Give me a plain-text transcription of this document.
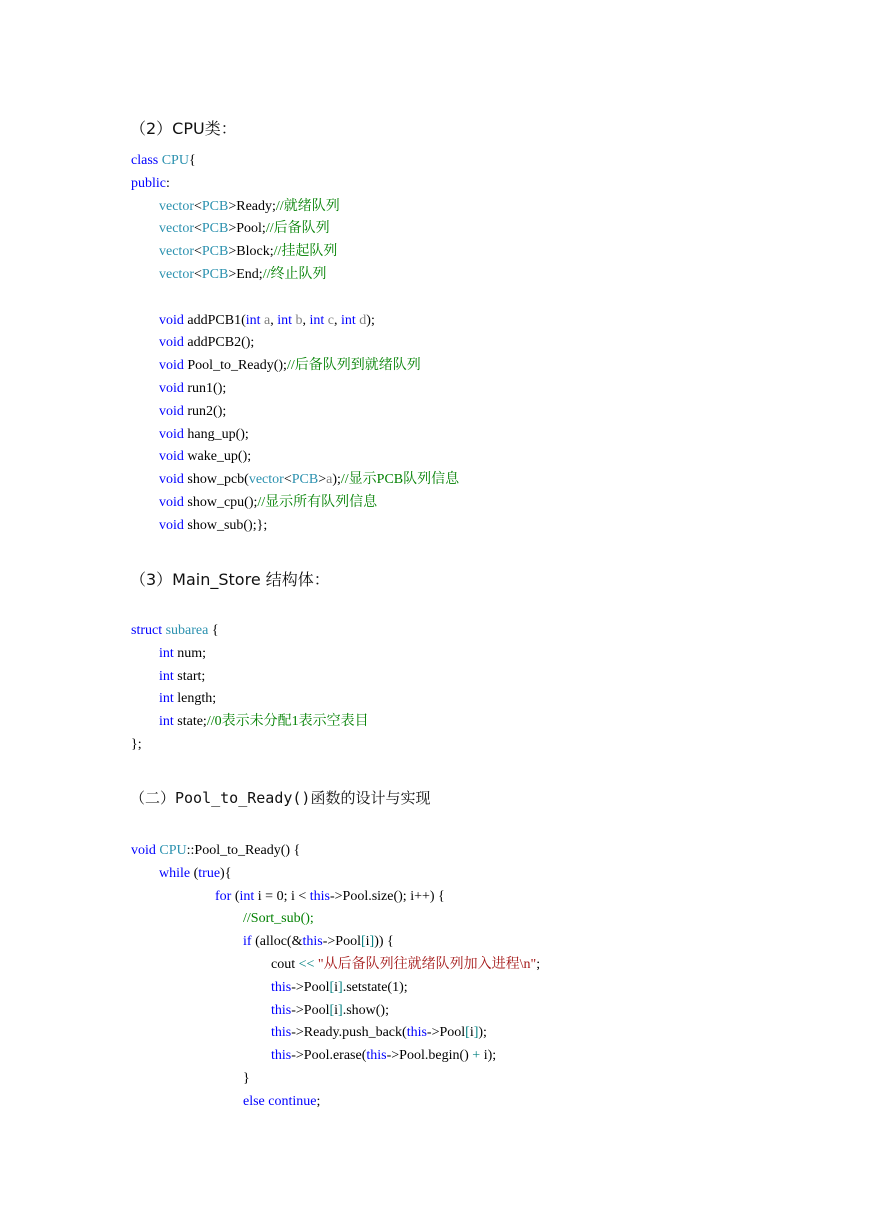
（2）CPU类：
class CPU{
public:
vector<PCB>Ready;//就绪队列
vector<PCB>Pool;//后备队列
vector<PCB>Block;//挂起队列
vector<PCB>End;//终止队列
void addPCB1(int a, int b, int c, int d);
void addPCB2();
void Pool_to_Ready();//后备队列到就绪队列
void run1();
void run2();
void hang_up();
void wake_up();
void show_pcb(vector<PCB>a);//显示PCB队列信息
void show_cpu();//显示所有队列信息
void show_sub();};
（3）Main_Store 结构体：
struct subarea {
int num;
int start;
int length;
int state;//0表示未分配1表示空表目
};
（二）Pool_to_Ready()函数的设计与实现
void CPU::Pool_to_Ready() {
while (true){
for (int i = 0; i < this->Pool.size(); i++) {
//Sort_sub();
if (alloc(&this->Pool[i])) {
cout << "从后备队列往就绪队列加入进程\n";
this->Pool[i].setstate(1);
this->Pool[i].show();
this->Ready.push_back(this->Pool[i]);
this->Pool.erase(this->Pool.begin() + i);
}
else continue;
